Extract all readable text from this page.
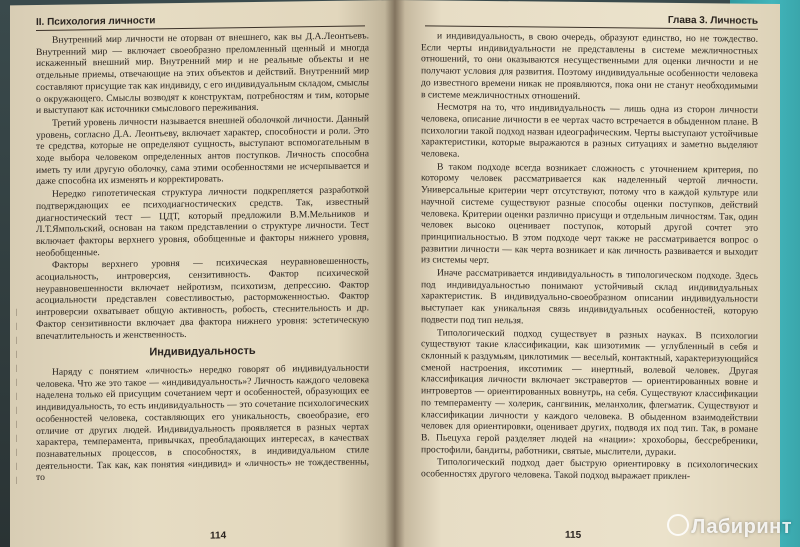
II. Психология личности

Внутренний мир личности не оторван от внешнего, как вы Д.А.Леонтьевъ. Внутренний мир — включает своеобразно преломленный щенный и многда искаженный внешний мир. Внутренний мир и не реальные объекты и не отдельные приемы, отвечающие на этих объектов и действий. Внутренний мир составляют присущие так как индивиду, с его индивидуальным складом, смыслы о окружающего. Смыслы возводят к конструктам, потребностям и тим, которые и выступают как источники смыслового переживания.

Третий уровень личности называется внешней оболочкой личности. Данный уровень, согласно Д.А. Леонтьеву, включает характер, способности и роли. Это те средства, которые не определяют сущность, выступают вспомогательным в ходе выбора человеком определенных антов поступков. Личность способна иметь ту или другую оболочку, сама этими особенностями не исчерпывается и даже способна их изменять и корректировать.

Нередко гипотетическая структура личности подкрепляется разработкой подтверждающих ее психодиагностических средств. Так, известный диагностический тест — ЦДТ, который предложили В.М.Мельников и Л.Т.Ямпольский, основан на таком представлении о структуре личности. Тест включает факторы верхнего уровня, обобщенные и факторы нижнего уровня, необобщенные.

Факторы верхнего уровня — психическая неуравновешенность, асоциальность, интроверсия, сензитивность. Фактор психической неуравновешенности включает нейротизм, психотизм, депрессию. Фактор асоциальности представлен совестливостью, расторможенностью. Фактор интроверсии охватывает общую активность, робость, стеснительность и др. Фактор сензитивности включает два фактора нижнего уровня: эстетическую впечатлительность и женственность.

Индивидуальность

Наряду с понятием «личность» нередко говорят об индивидуальности человека. Что же это такое — «индивидуальность»? Личность каждого человека наделена только ей присущим сочетанием черт и особенностей, образующих ее индивидуальность, то есть индивидуальность — это сочетание психологических особенностей человека, составляющих его уникальность, своеобразие, его отличие от других людей. Индивидуальность проявляется в разных чертах характера, темперамента, привычках, преобладающих интересах, в качествах познавательных процессов, в способностях, в индивидуальном стиле деятельности. Так как, как понятия «индивид» и «личность» не тождественны, то

|
|
|
|
|
|
|
|
|
|
|
|
|
114
Глава 3. Личность

и индивидуальность, в свою очередь, образуют единство, но не тождество. Если черты индивидуальности не представлены в системе межличностных отношений, то они оказываются несущественными для оценки личности и не получают условия для развития. Поэтому индивидуальные особенности человека до известного времени никак не проявляются, пока они не станут необходимыми в системе межличностных отношений.

Несмотря на то, что индивидуальность — лишь одна из сторон личности человека, описание личности в ее чертах часто встречается в обыденном плане. В психологии такой подход назван идеографическим. Черты выступают устойчивые характеристики, которые выражаются в разных ситуациях и заметно выделяют человека.

В таком подходе всегда возникает сложность с уточнением критерия, по которому человек рассматривается как наделенный чертой личности. Универсальные критерии черт отсутствуют, потому что в каждой культуре или научной системе существуют разные способы оценки поступков, действий человека. Критерии оценки различно присущи и отдельным личностям. Так, один человек высоко оценивает поступок, который другой сочтет это принципиальностью. В этом подходе черт также не рассматривается вопрос о развитии личности — как черта возникает и как личность развивается и выходит из системы черт.

Иначе рассматривается индивидуальность в типологическом подходе. Здесь под индивидуальностью понимают устойчивый склад индивидуальных характеристик. В индивидуально-своеобразном описании индивидуальности выступает как уникальная связь индивидуальных особенностей, которую подвести под тип нельзя.

Типологический подход существует в разных науках. В психологии существуют такие классификации, как шизотимик — углубленный в себя и склонный к раздумьям, циклотимик — веселый, контактный, характеризующийся сменой настроения, иксотимик — инертный, волевой человек. Другая классификация личности включает экстравертов — ориентированных вовне и интровертов — ориентированных вовнутрь, на себя. Существуют классификации по темпераменту — холерик, сангвиник, меланхолик, флегматик. Существуют и классификации личности у каждого человека. В обыденном взаимодействии человек для ориентировки, оценивает других, подводя их под тип. Так, в романе В. Пьецуха герой разделяет людей на «нации»: хрохоборы, бессребреники, простофили, бандиты, работники, святые, мыслители, дураки.

Типологический подход дает быструю ориентировку в психологических особенностях другого человека. Такой подход выражает приклен-

115	Лабиринт
